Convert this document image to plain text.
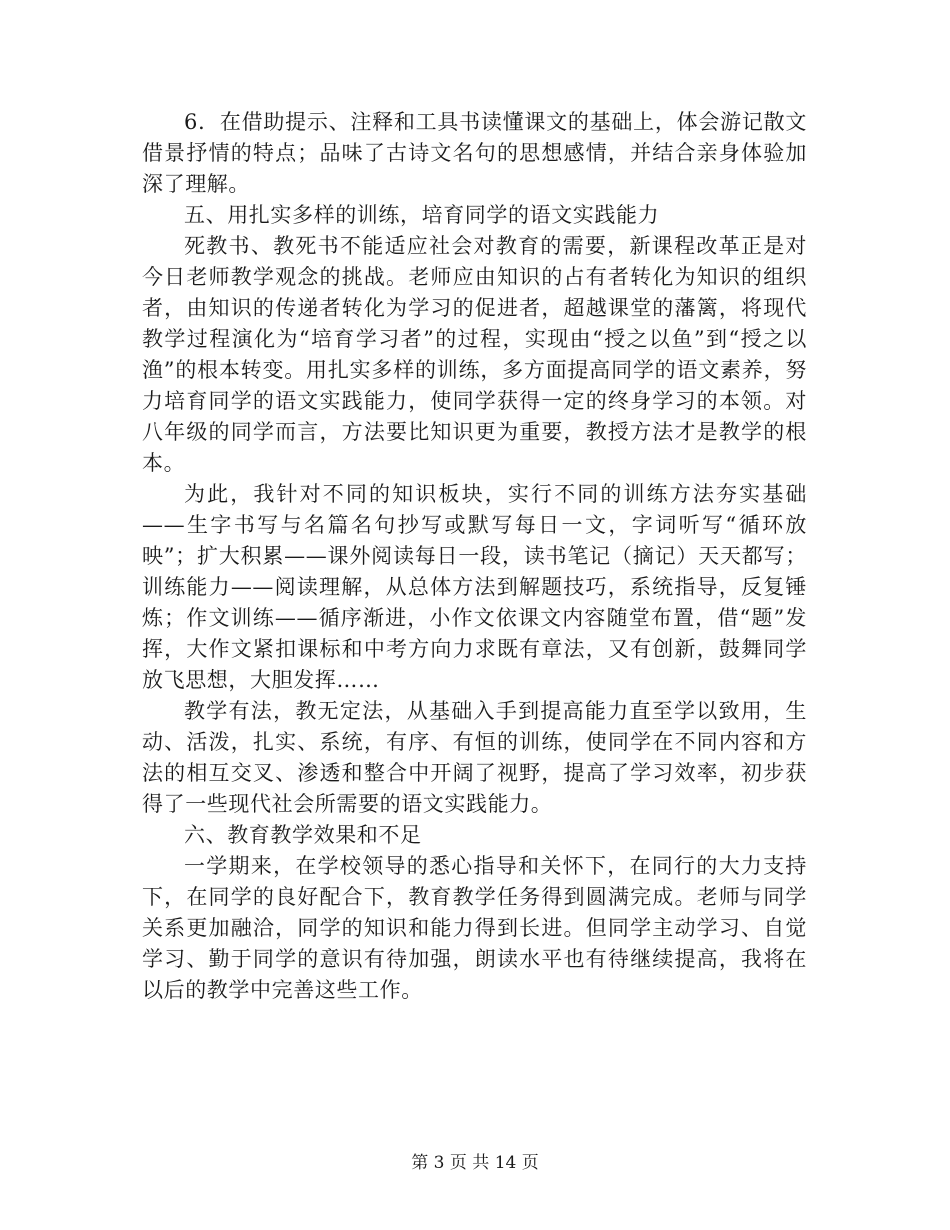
6．在借助提示、注释和工具书读懂课文的基础上，体会游记散文借景抒情的特点；品味了古诗文名句的思想感情，并结合亲身体验加深了理解。

五、用扎实多样的训练，培育同学的语文实践能力

死教书、教死书不能适应社会对教育的需要，新课程改革正是对今日老师教学观念的挑战。老师应由知识的占有者转化为知识的组织者，由知识的传递者转化为学习的促进者，超越课堂的藩篱，将现代教学过程演化为“培育学习者”的过程，实现由“授之以鱼”到“授之以渔”的根本转变。用扎实多样的训练，多方面提高同学的语文素养，努力培育同学的语文实践能力，使同学获得一定的终身学习的本领。对八年级的同学而言，方法要比知识更为重要，教授方法才是教学的根本。

为此，我针对不同的知识板块，实行不同的训练方法夯实基础——生字书写与名篇名句抄写或默写每日一文，字词听写“循环放映”；扩大积累——课外阅读每日一段，读书笔记（摘记）天天都写；训练能力——阅读理解，从总体方法到解题技巧，系统指导，反复锤炼；作文训练——循序渐进，小作文依课文内容随堂布置，借“题”发挥，大作文紧扣课标和中考方向力求既有章法，又有创新，鼓舞同学放飞思想，大胆发挥……

教学有法，教无定法，从基础入手到提高能力直至学以致用，生动、活泼，扎实、系统，有序、有恒的训练，使同学在不同内容和方法的相互交叉、渗透和整合中开阔了视野，提高了学习效率，初步获得了一些现代社会所需要的语文实践能力。

六、教育教学效果和不足

一学期来，在学校领导的悉心指导和关怀下，在同行的大力支持下，在同学的良好配合下，教育教学任务得到圆满完成。老师与同学关系更加融洽，同学的知识和能力得到长进。但同学主动学习、自觉学习、勤于同学的意识有待加强，朗读水平也有待继续提高，我将在以后的教学中完善这些工作。

第 3 页 共 14 页
